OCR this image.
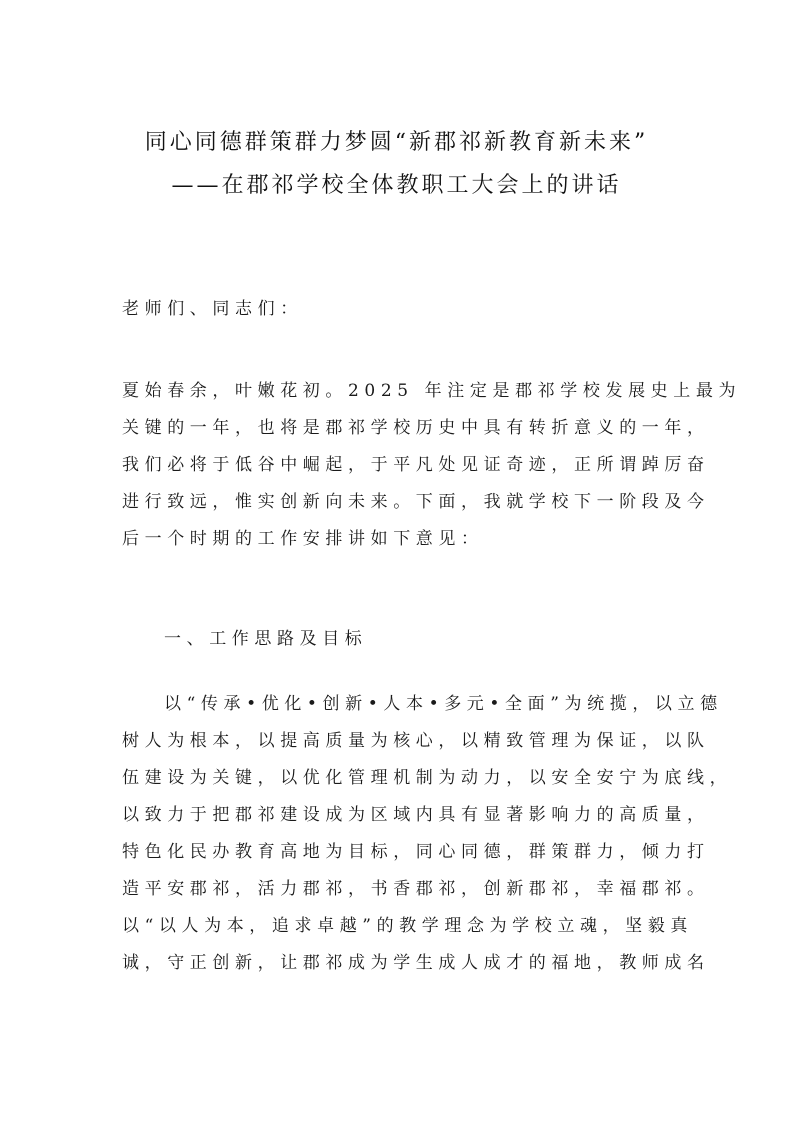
同心同德群策群力梦圆“新郡祁新教育新未来”
——在郡祁学校全体教职工大会上的讲话
老师们、同志们：
夏始春余，叶嫩花初。2025 年注定是郡祁学校发展史上最为
关键的一年，也将是郡祁学校历史中具有转折意义的一年，
我们必将于低谷中崛起，于平凡处见证奇迹，正所谓踔厉奋
进行致远，惟实创新向未来。下面，我就学校下一阶段及今
后一个时期的工作安排讲如下意见：
一、工作思路及目标
以“传承•优化•创新•人本•多元•全面”为统揽，以立德
树人为根本，以提高质量为核心，以精致管理为保证，以队
伍建设为关键，以优化管理机制为动力，以安全安宁为底线，
以致力于把郡祁建设成为区域内具有显著影响力的高质量，
特色化民办教育高地为目标，同心同德，群策群力，倾力打
造平安郡祁，活力郡祁，书香郡祁，创新郡祁，幸福郡祁。
以“以人为本，追求卓越”的教学理念为学校立魂，坚毅真
诚，守正创新，让郡祁成为学生成人成才的福地，教师成名
